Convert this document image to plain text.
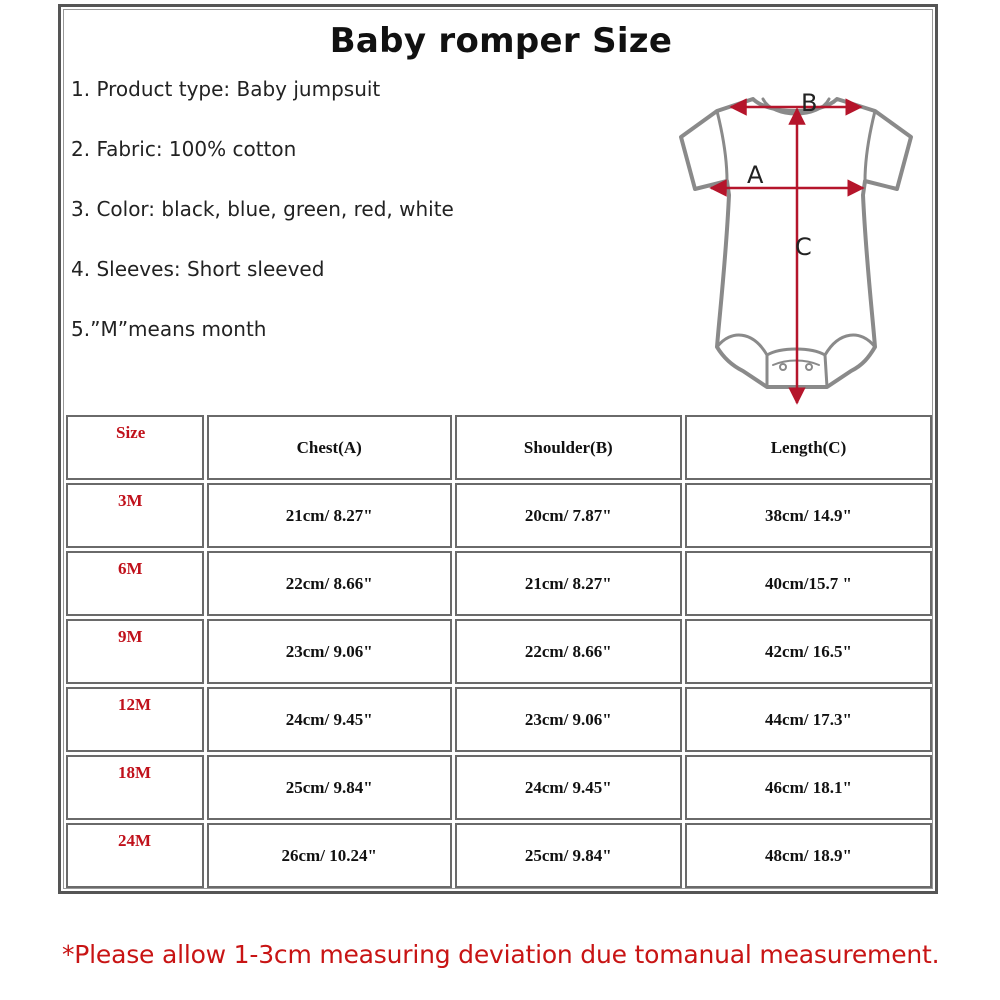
Baby romper Size
1. Product type: Baby jumpsuit
2. Fabric: 100% cotton
3. Color: black, blue, green, red, white
4. Sleeves: Short sleeved
5.”M”means month
B
A
C
Size	Chest(A)	Shoulder(B)	Length(C)
3M	21cm/ 8.27"	20cm/ 7.87"	38cm/ 14.9"
6M	22cm/ 8.66"	21cm/ 8.27"	40cm/15.7 "
9M	23cm/ 9.06"	22cm/ 8.66"	42cm/ 16.5"
12M	24cm/ 9.45"	23cm/ 9.06"	44cm/ 17.3"
18M	25cm/ 9.84"	24cm/ 9.45"	46cm/ 18.1"
24M	26cm/ 10.24"	25cm/ 9.84"	48cm/ 18.9"
*Please allow 1-3cm measuring deviation due tomanual measurement.
